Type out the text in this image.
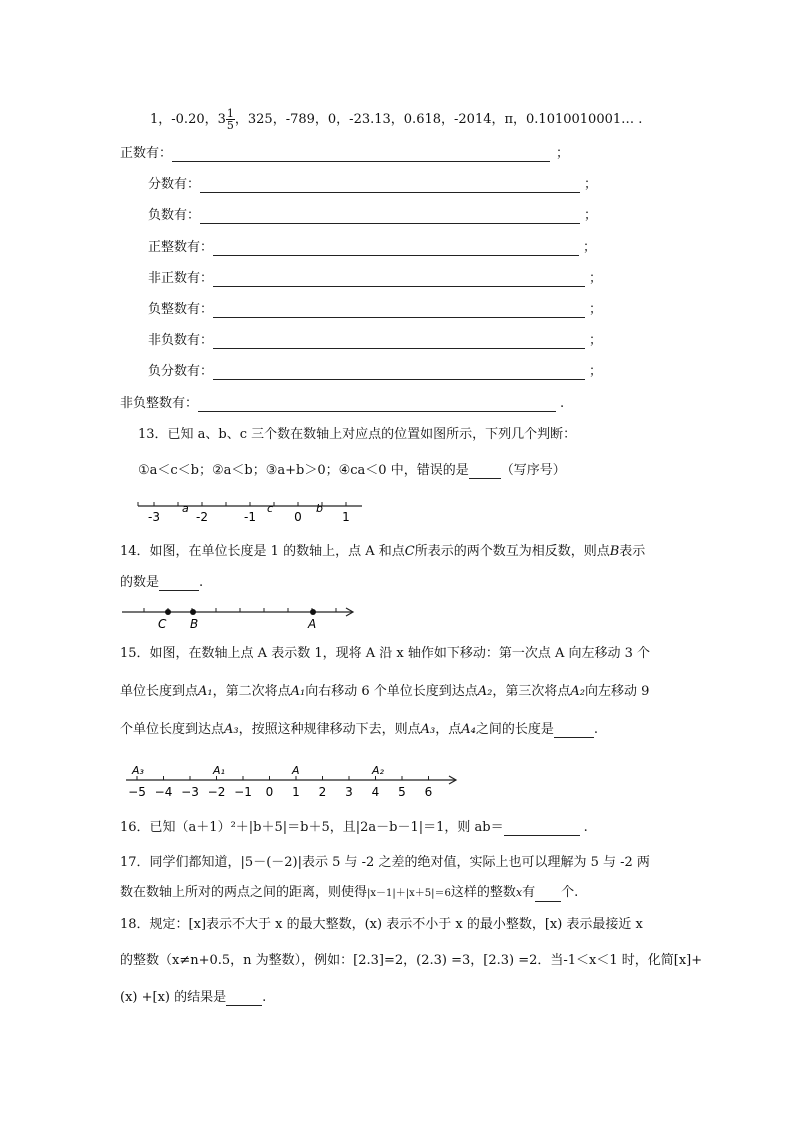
1，-0.20，$3 \frac{1}{5}$ ，325，-789，0，-23.13，0.618，-2014，π，0.1010010001… .
正数有：	；
分数有：	；
负数有：	；
正整数有：	；
非正数有：	；
负整数有：	；
非负数有：	；
负分数有：	；
非负整数有：	.
13．已知 a、b、c 三个数在数轴上对应点的位置如图所示，下列几个判断：
①a＜c＜b；②a＜b；③a+b＞0；④ca＜0 中，错误的是 （写序号）
-3	-2	-1	0	1
a	c	b
14．如图，在单位长度是 1 的数轴上，点 A 和点C所表示的两个数互为相反数，则点B表示
的数是	.
C B	A
15．如图，在数轴上点 A 表示数 1，现将 A 沿 x 轴作如下移动：第一次点 A 向左移动 3 个
单位长度到点A₁，第二次将点A₁向右移动 6 个单位长度到达点A₂，第三次将点A₂向左移动 9
个单位长度到达点A₃，按照这种规律移动下去，则点A₃，点A₄之间的长度是	.
−5 −4 −3 −2 −1 0 1 2 3 4 5 6
A₃	A₁	A	A₂
16．已知（a＋1）²＋|b＋5|＝b＋5，且|2a－b－1|＝1，则 ab＝	.
17．同学们都知道，|5－(－2)|表示 5 与 -2 之差的绝对值，实际上也可以理解为 5 与 -2 两
数在数轴上所对的两点之间的距离，则使得|x－1|＋|x＋5|＝6这样的整数x有 个.
18．规定：[x]表示不大于 x 的最大整数，(x) 表示不小于 x 的最小整数，[x) 表示最接近 x
的整数（x≠n+0.5，n 为整数），例如：[2.3]=2，(2.3) =3，[2.3) =2．当-1＜x＜1 时，化简[x]+
(x) +[x) 的结果是	.
